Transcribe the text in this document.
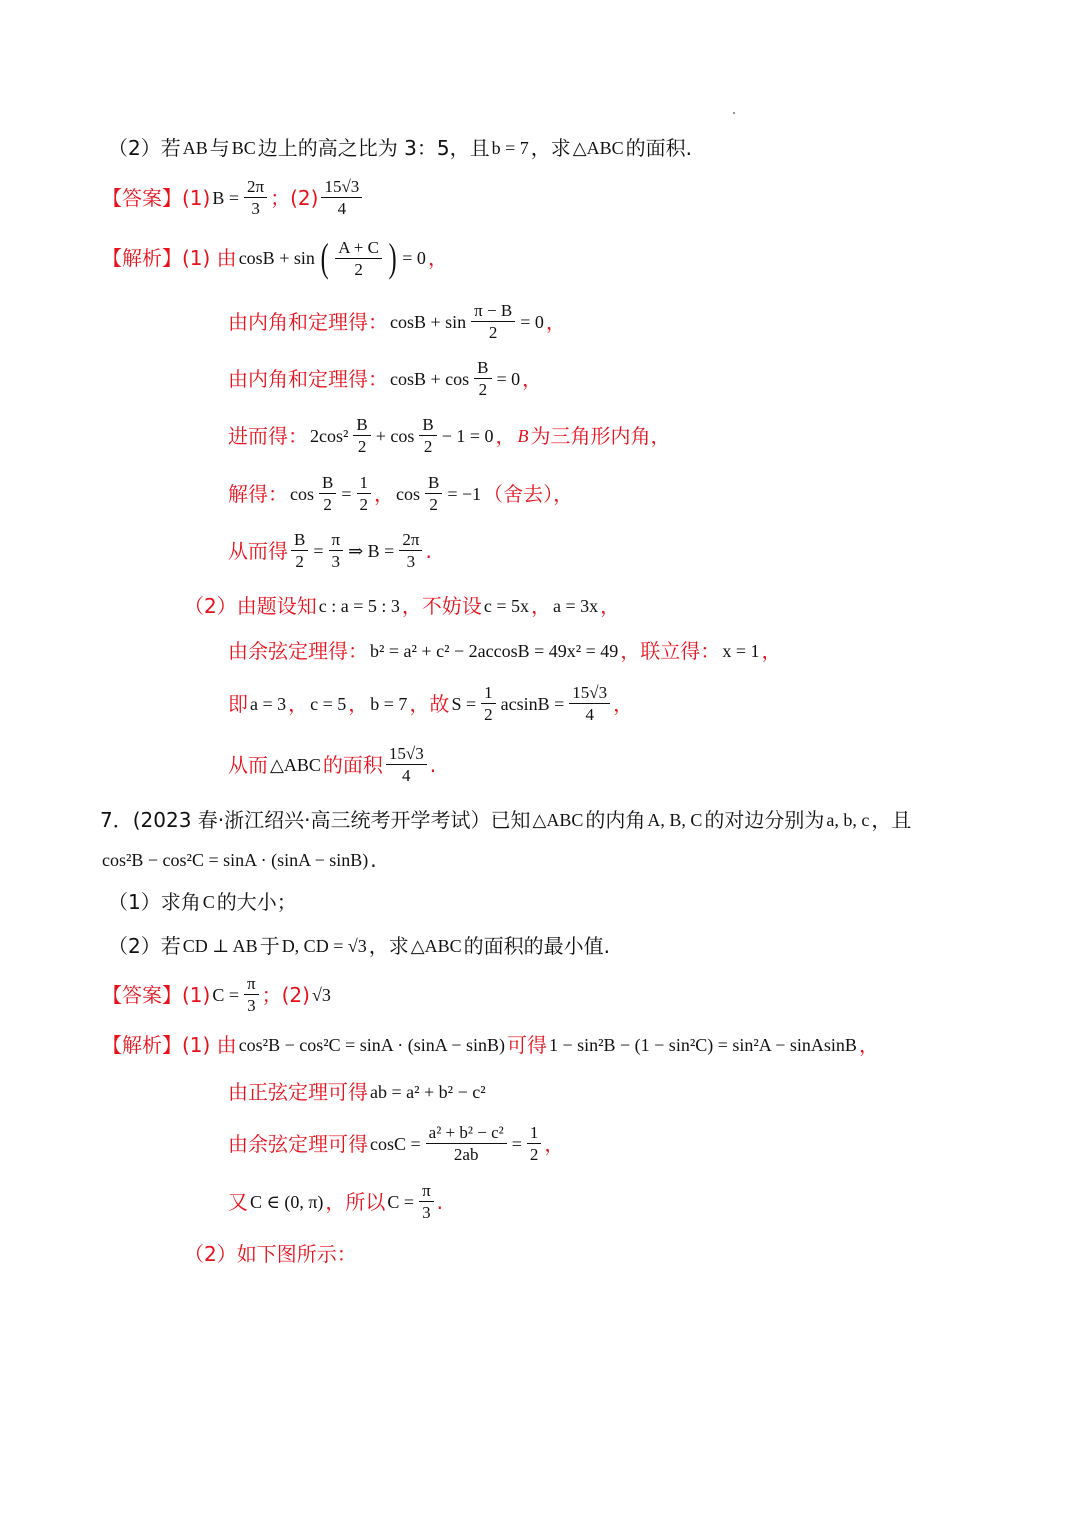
（2）若 AB 与 BC 边上的高之比为 3：5，且 b = 7 ，求 △ABC 的面积.
【答案】(1) $B = \frac{2\pi}{3}$ ；$(2) \frac{15√3}{4}$
【解析】(1) 由 cosB + sin ( $\frac{A + C}{2}$ ) = 0 ，
由内角和定理得： $\cos B + \sin \frac{\pi - B}{2} = 0$ ，
由内角和定理得： $\cos B + \cos \frac{B}{2} = 0$ ，
进而得： $2\cos^2 \frac{B}{2} + \cos \frac{B}{2} - 1 = 0$ ， B 为三角形内角，
解得： $\cos \frac{B}{2} = \frac{1}{2}$ ， $\cos \frac{B}{2} = -1$ （舍去），
从而得 $\frac{B}{2} = \frac{\pi}{3}$ ⇒ $B = \frac{2\pi}{3}$ .
（2）由题设知 c : a = 5 : 3 ，不妨设 c = 5x ， a = 3x ，
由余弦定理得： b² = a² + c² − 2accosB = 49x² = 49 ，联立得： x = 1 ，
即 a = 3 ， c = 5 ， b = 7 ，故 $S = \frac{1}{2}$ $acsinB = \frac{15√3}{4}$ ，
从而 △ABC 的面积 $\frac{15√3}{4}$ .
7．(2023 春·浙江绍兴·高三统考开学考试）已知 △ABC 的内角 A, B, C 的对边分别为 a, b, c ，且
cos²B − cos²C = sinA · (sinA − sinB) .
（1）求角 C 的大小；
（2）若 CD ⊥ AB 于 D, CD = √3 ，求 △ABC 的面积的最小值.
【答案】(1) $C = \frac{\pi}{3}$ ；(2) √3
【解析】(1) 由 cos²B − cos²C = sinA · (sinA − sinB) 可得 1 − sin²B − (1 − sin²C) = sin²A − sinAsinB ，
由正弦定理可得 ab = a² + b² − c²
由余弦定理可得 $\cos C = \frac{\text{a² + b² − c²}}{2ab} = \frac{1}{2}$ ，
又 C ∈ (0, π) ，所以 $C = \frac{\pi}{3}$ .
（2）如下图所示：
